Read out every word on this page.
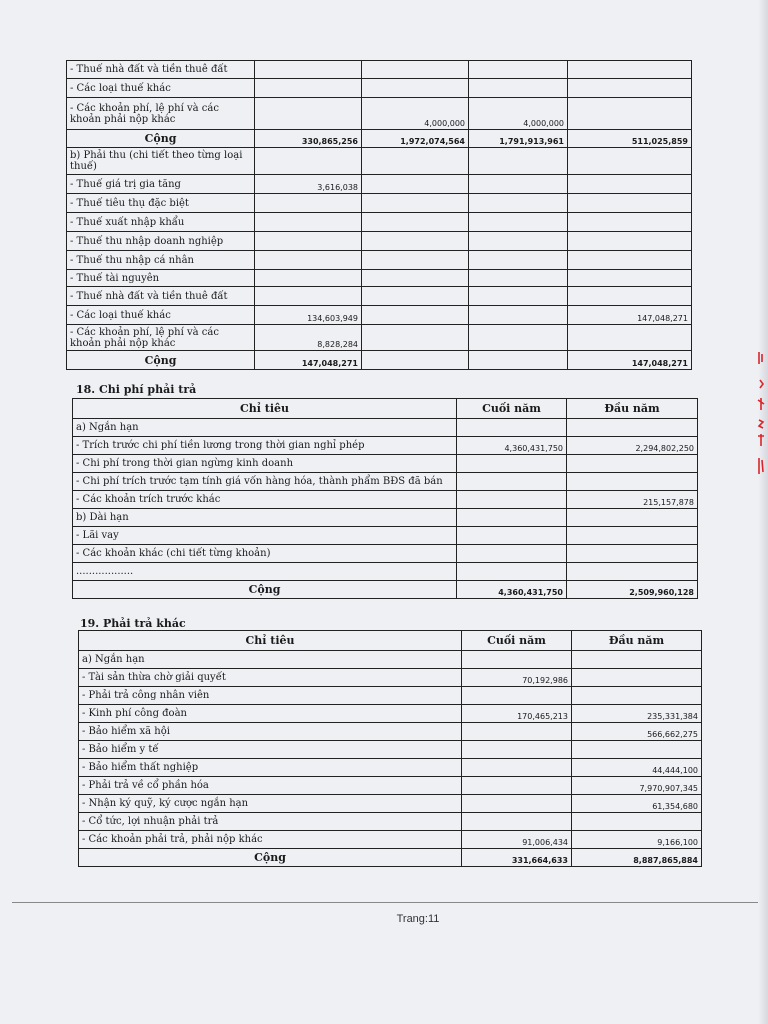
- Thuế nhà đất và tiền thuê đất				
- Các loại thuế khác				
- Các khoản phí, lệ phí và các khoản phải nộp khác		4,000,000	4,000,000	
Cộng	330,865,256	1,972,074,564	1,791,913,961	511,025,859
b) Phải thu (chi tiết theo từng loại thuế)				
- Thuế giá trị gia tăng	3,616,038			
- Thuế tiêu thụ đặc biệt				
- Thuế xuất nhập khẩu				
- Thuế thu nhập doanh nghiệp				
- Thuế thu nhập cá nhân				
- Thuế tài nguyên				
- Thuế nhà đất và tiền thuê đất				
- Các loại thuế khác	134,603,949			147,048,271
- Các khoản phí, lệ phí và các khoản phải nộp khác	8,828,284			
Cộng	147,048,271			147,048,271

18. Chi phí phải trả

Chỉ tiêu	Cuối năm	Đầu năm
a) Ngắn hạn		
- Trích trước chi phí tiền lương trong thời gian nghỉ phép	4,360,431,750	2,294,802,250
- Chi phí trong thời gian ngừng kinh doanh		
- Chi phí trích trước tạm tính giá vốn hàng hóa, thành phẩm BĐS đã bán		
- Các khoản trích trước khác		215,157,878
b) Dài hạn		
- Lãi vay		
- Các khoản khác (chi tiết từng khoản)		
..................		
Cộng	4,360,431,750	2,509,960,128

19. Phải trả khác

Chỉ tiêu	Cuối năm	Đầu năm
a) Ngắn hạn		
- Tài sản thừa chờ giải quyết	70,192,986	
- Phải trả công nhân viên		
- Kinh phí công đoàn	170,465,213	235,331,384
- Bảo hiểm xã hội		566,662,275
- Bảo hiểm y tế		
- Bảo hiểm thất nghiệp		44,444,100
- Phải trả về cổ phần hóa		7,970,907,345
- Nhận ký quỹ, ký cược ngắn hạn		61,354,680
- Cổ tức, lợi nhuận phải trả		
- Các khoản phải trả, phải nộp khác	91,006,434	9,166,100
Cộng	331,664,633	8,887,865,884
Trang:11
